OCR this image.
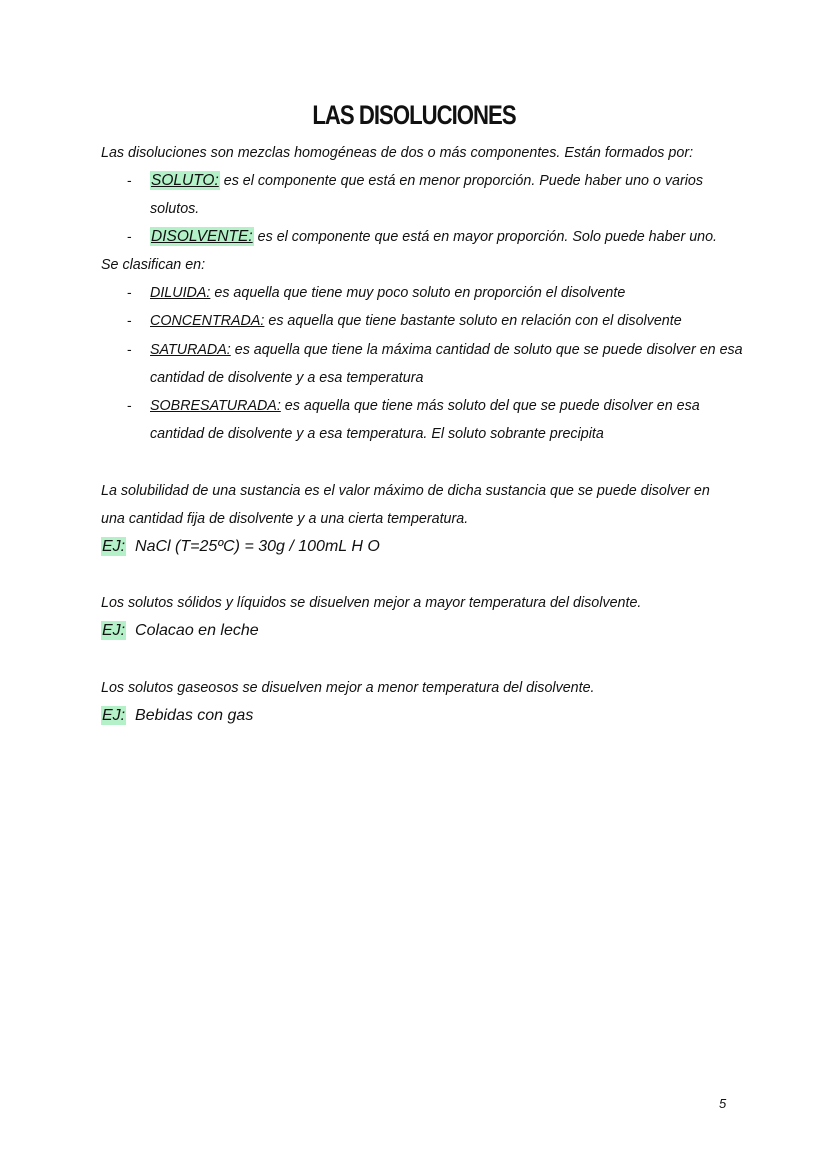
LAS DISOLUCIONES
Las disoluciones son mezclas homogéneas de dos o más componentes. Están formados por:
- SOLUTO: es el componente que está en menor proporción. Puede haber uno o varios
solutos.
- DISOLVENTE: es el componente que está en mayor proporción. Solo puede haber uno.
Se clasifican en:
- DILUIDA: es aquella que tiene muy poco soluto en proporción el disolvente
- CONCENTRADA: es aquella que tiene bastante soluto en relación con el disolvente
- SATURADA: es aquella que tiene la máxima cantidad de soluto que se puede disolver en esa
cantidad de disolvente y a esa temperatura
- SOBRESATURADA: es aquella que tiene más soluto del que se puede disolver en esa
cantidad de disolvente y a esa temperatura. El soluto sobrante precipita
La solubilidad de una sustancia es el valor máximo de dicha sustancia que se puede disolver en
una cantidad fija de disolvente y a una cierta temperatura.
EJ: NaCl (T=25ºC) = 30g / 100mL H O
Los solutos sólidos y líquidos se disuelven mejor a mayor temperatura del disolvente.
EJ: Colacao en leche
Los solutos gaseosos se disuelven mejor a menor temperatura del disolvente.
EJ: Bebidas con gas
5
